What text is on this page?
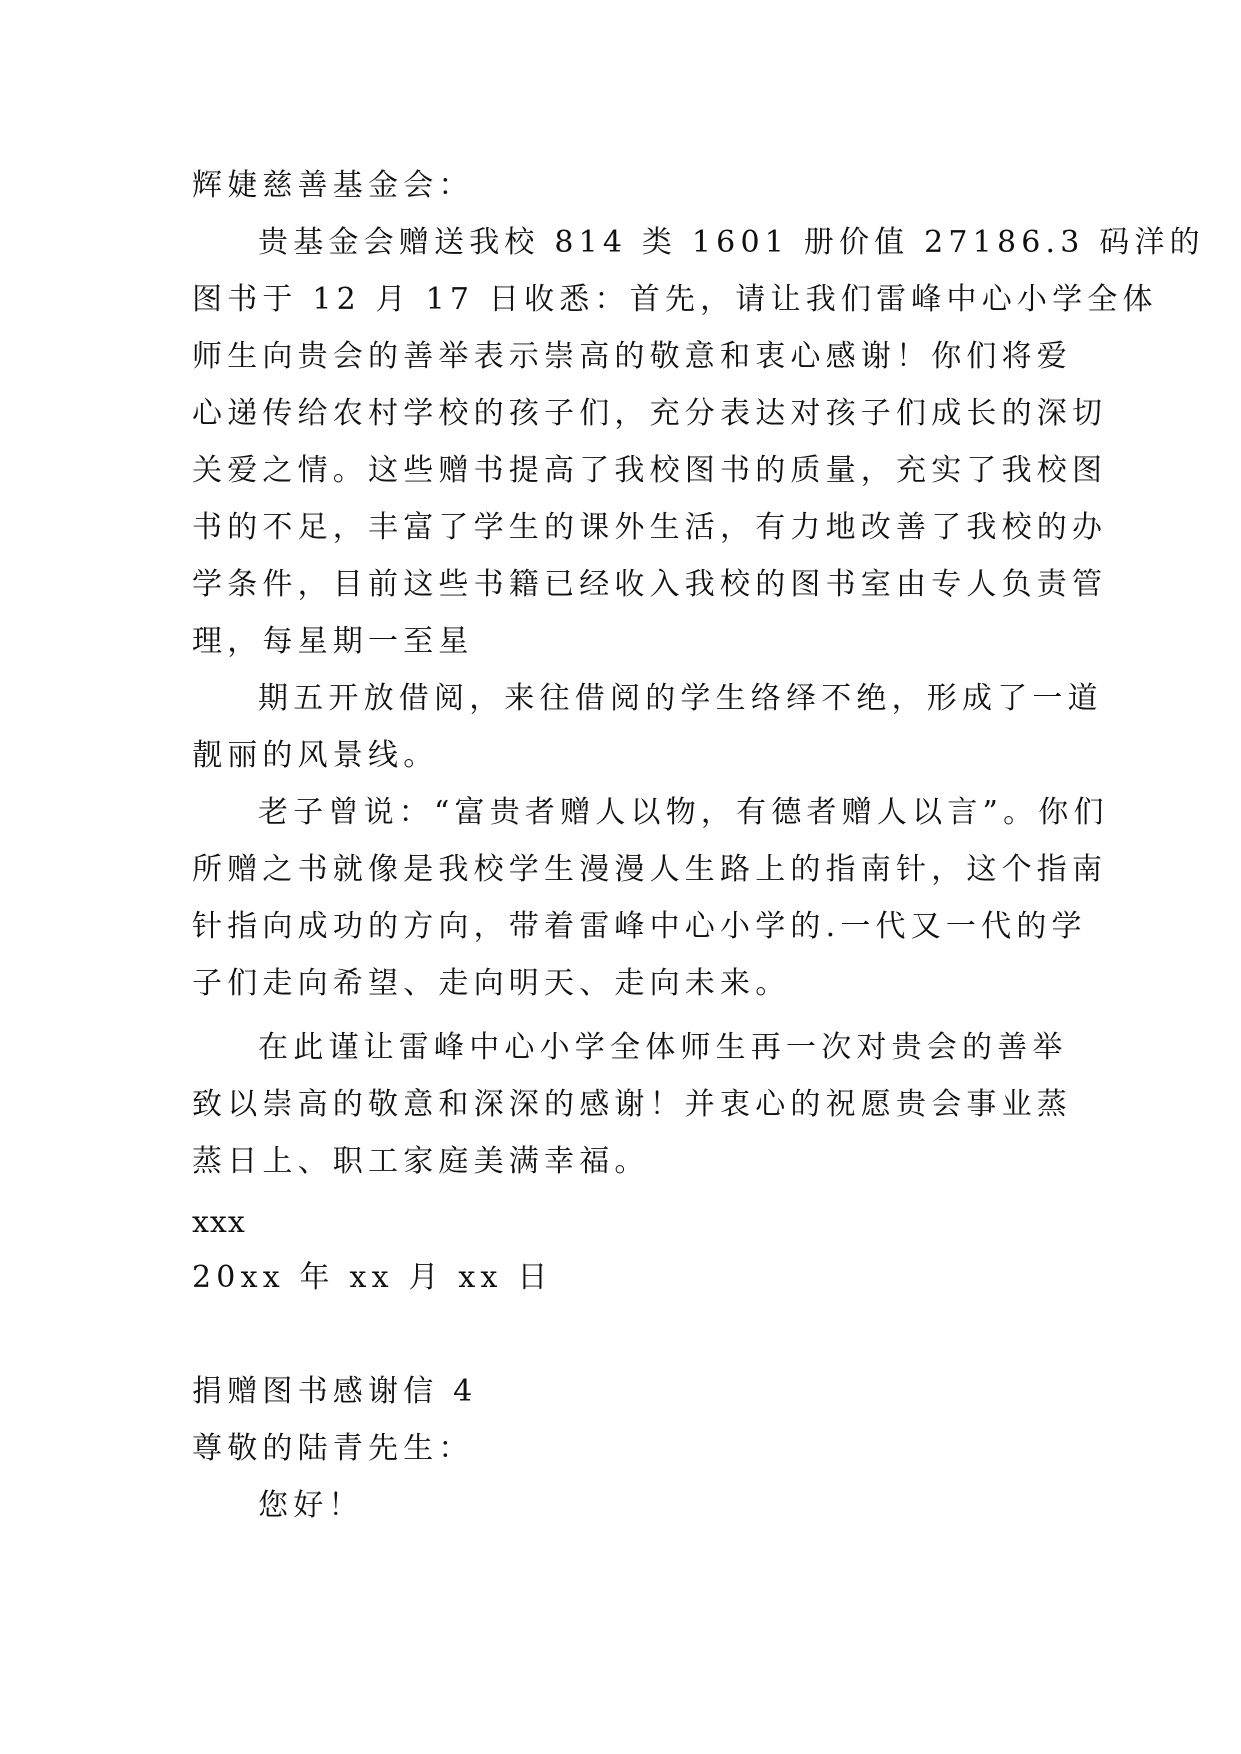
辉婕慈善基金会：
贵基金会赠送我校 814 类 1601 册价值 27186.3 码洋的
图书于 12 月 17 日收悉：首先，请让我们雷峰中心小学全体
师生向贵会的善举表示崇高的敬意和衷心感谢！你们将爱
心递传给农村学校的孩子们，充分表达对孩子们成长的深切
关爱之情。这些赠书提高了我校图书的质量，充实了我校图
书的不足，丰富了学生的课外生活，有力地改善了我校的办
学条件，目前这些书籍已经收入我校的图书室由专人负责管
理，每星期一至星
期五开放借阅，来往借阅的学生络绎不绝，形成了一道
靓丽的风景线。
老子曾说：“富贵者赠人以物，有德者赠人以言”。你们
所赠之书就像是我校学生漫漫人生路上的指南针，这个指南
针指向成功的方向，带着雷峰中心小学的.一代又一代的学
子们走向希望、走向明天、走向未来。
在此谨让雷峰中心小学全体师生再一次对贵会的善举
致以崇高的敬意和深深的感谢！并衷心的祝愿贵会事业蒸
蒸日上、职工家庭美满幸福。
xxx
20xx 年 xx 月 xx 日
捐赠图书感谢信 4
尊敬的陆青先生：
您好！
